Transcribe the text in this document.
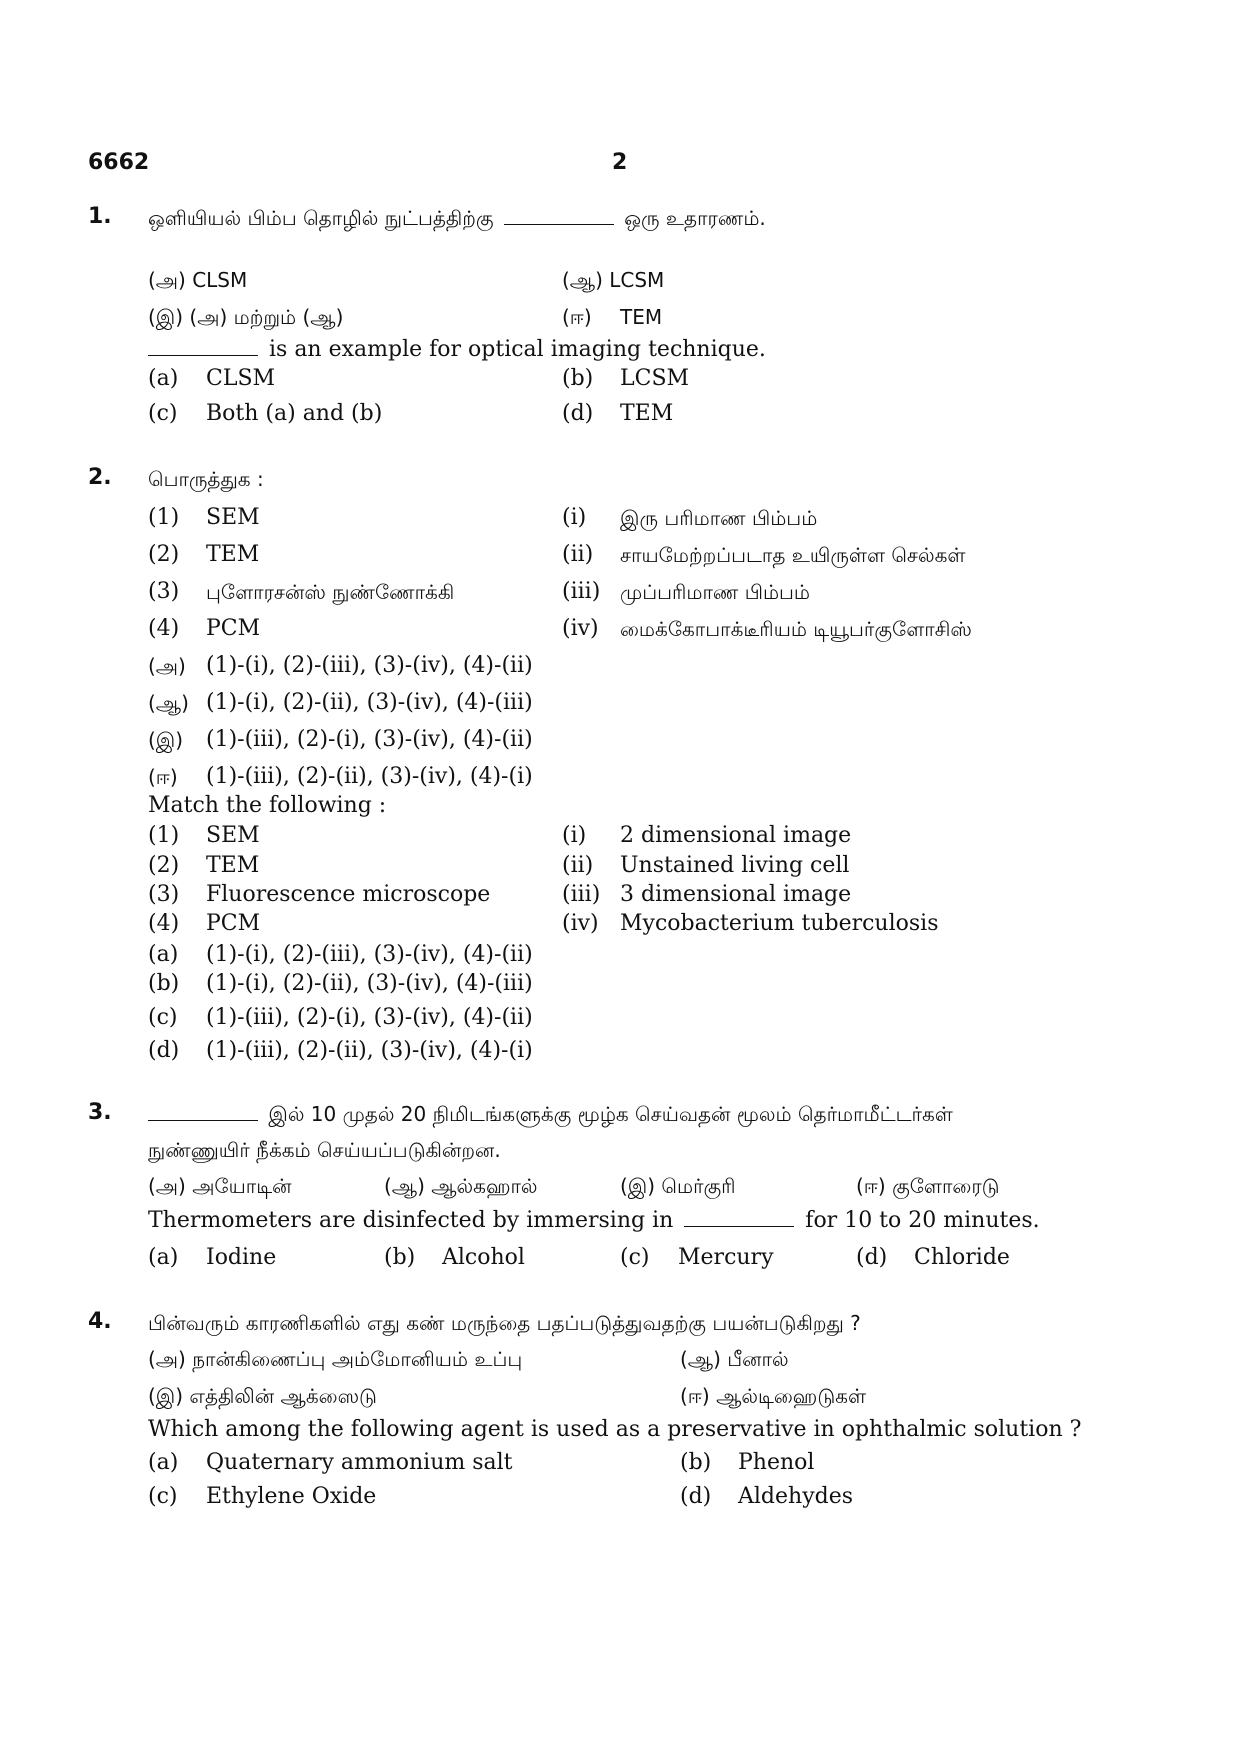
6662	2
1. ஒளியியல் பிம்ப தொழில் நுட்பத்திற்கு	ஒரு உதாரணம்.
(அ) CLSM	(ஆ) LCSM
(இ) (அ) மற்றும் (ஆ)	(ஈ) TEM
is an example for optical imaging technique.
(a) CLSM	(b) LCSM
(c) Both (a) and (b)	(d) TEM
2. பொருத்துக :
(1) SEM	(i) இரு பரிமாண பிம்பம்
(2) TEM	(ii) சாயமேற்றப்படாத உயிருள்ள செல்கள்
(3) புளோரசன்ஸ் நுண்ணோக்கி	(iii) முப்பரிமாண பிம்பம்
(4) PCM	(iv) மைக்கோபாக்டீரியம் டியூபர்குளோசிஸ்
(அ) (1)-(i), (2)-(iii), (3)-(iv), (4)-(ii)
(ஆ) (1)-(i), (2)-(ii), (3)-(iv), (4)-(iii)
(இ) (1)-(iii), (2)-(i), (3)-(iv), (4)-(ii)
(ஈ) (1)-(iii), (2)-(ii), (3)-(iv), (4)-(i)
Match the following :
(1) SEM	(i) 2 dimensional image
(2) TEM	(ii) Unstained living cell
(3) Fluorescence microscope	(iii) 3 dimensional image
(4) PCM	(iv) Mycobacterium tuberculosis
(a) (1)-(i), (2)-(iii), (3)-(iv), (4)-(ii)
(b) (1)-(i), (2)-(ii), (3)-(iv), (4)-(iii)
(c) (1)-(iii), (2)-(i), (3)-(iv), (4)-(ii)
(d) (1)-(iii), (2)-(ii), (3)-(iv), (4)-(i)
3.	இல் 10 முதல் 20 நிமிடங்களுக்கு மூழ்க செய்வதன் மூலம் தெர்மாமீட்டர்கள்
நுண்ணுயிர் நீக்கம் செய்யப்படுகின்றன.
(அ) அயோடின்	(ஆ) ஆல்கஹால்	(இ) மெர்குரி	(ஈ) குளோரைடு
Thermometers are disinfected by immersing in	for 10 to 20 minutes.
(a) Iodine	(b) Alcohol	(c) Mercury	(d) Chloride
4. பின்வரும் காரணிகளில் எது கண் மருந்தை பதப்படுத்துவதற்கு பயன்படுகிறது ?
(அ) நான்கிணைப்பு அம்மோனியம் உப்பு	(ஆ) பீனால்
(இ) எத்திலின் ஆக்ஸைடு	(ஈ) ஆல்டிஹைடுகள்
Which among the following agent is used as a preservative in ophthalmic solution ?
(a) Quaternary ammonium salt	(b) Phenol
(c) Ethylene Oxide	(d) Aldehydes
